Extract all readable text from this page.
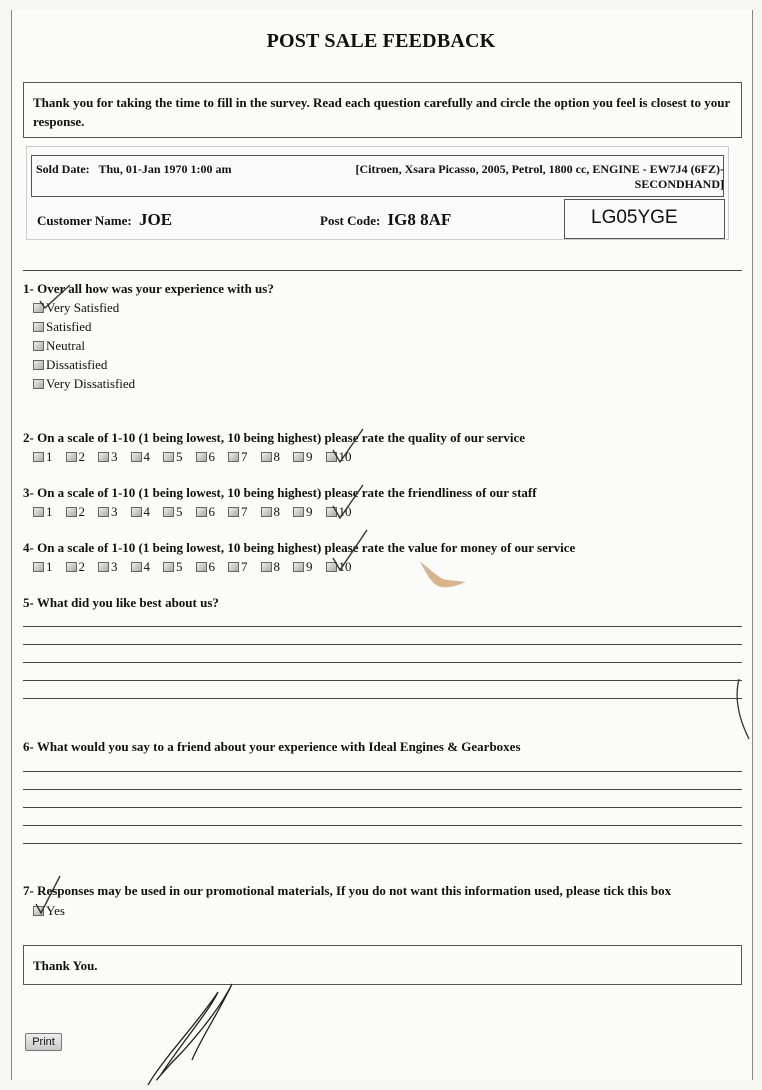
POST SALE FEEDBACK
Thank you for taking the time to fill in the survey. Read each question carefully and circle the option you feel is closest to your response.
Sold Date: Thu, 01-Jan 1970 1:00 am	[Citroen, Xsara Picasso, 2005, Petrol, 1800 cc, ENGINE - EW7J4 (6FZ)-
SECONDHAND]
Customer Name: JOE	Post Code: IG8 8AF	LG05YGE
1- Over all how was your experience with us?
Very Satisfied
Satisfied
Neutral
Dissatisfied
Very Dissatisfied
2- On a scale of 1-10 (1 being lowest, 10 being highest) please rate the quality of our service
1 2 3 4 5 6 7 8 9 10
3- On a scale of 1-10 (1 being lowest, 10 being highest) please rate the friendliness of our staff
1 2 3 4 5 6 7 8 9 10
4- On a scale of 1-10 (1 being lowest, 10 being highest) please rate the value for money of our service
1 2 3 4 5 6 7 8 9 10
5- What did you like best about us?
6- What would you say to a friend about your experience with Ideal Engines & Gearboxes
7- Responses may be used in our promotional materials, If you do not want this information used, please tick this box
Yes
Thank You.
Print
